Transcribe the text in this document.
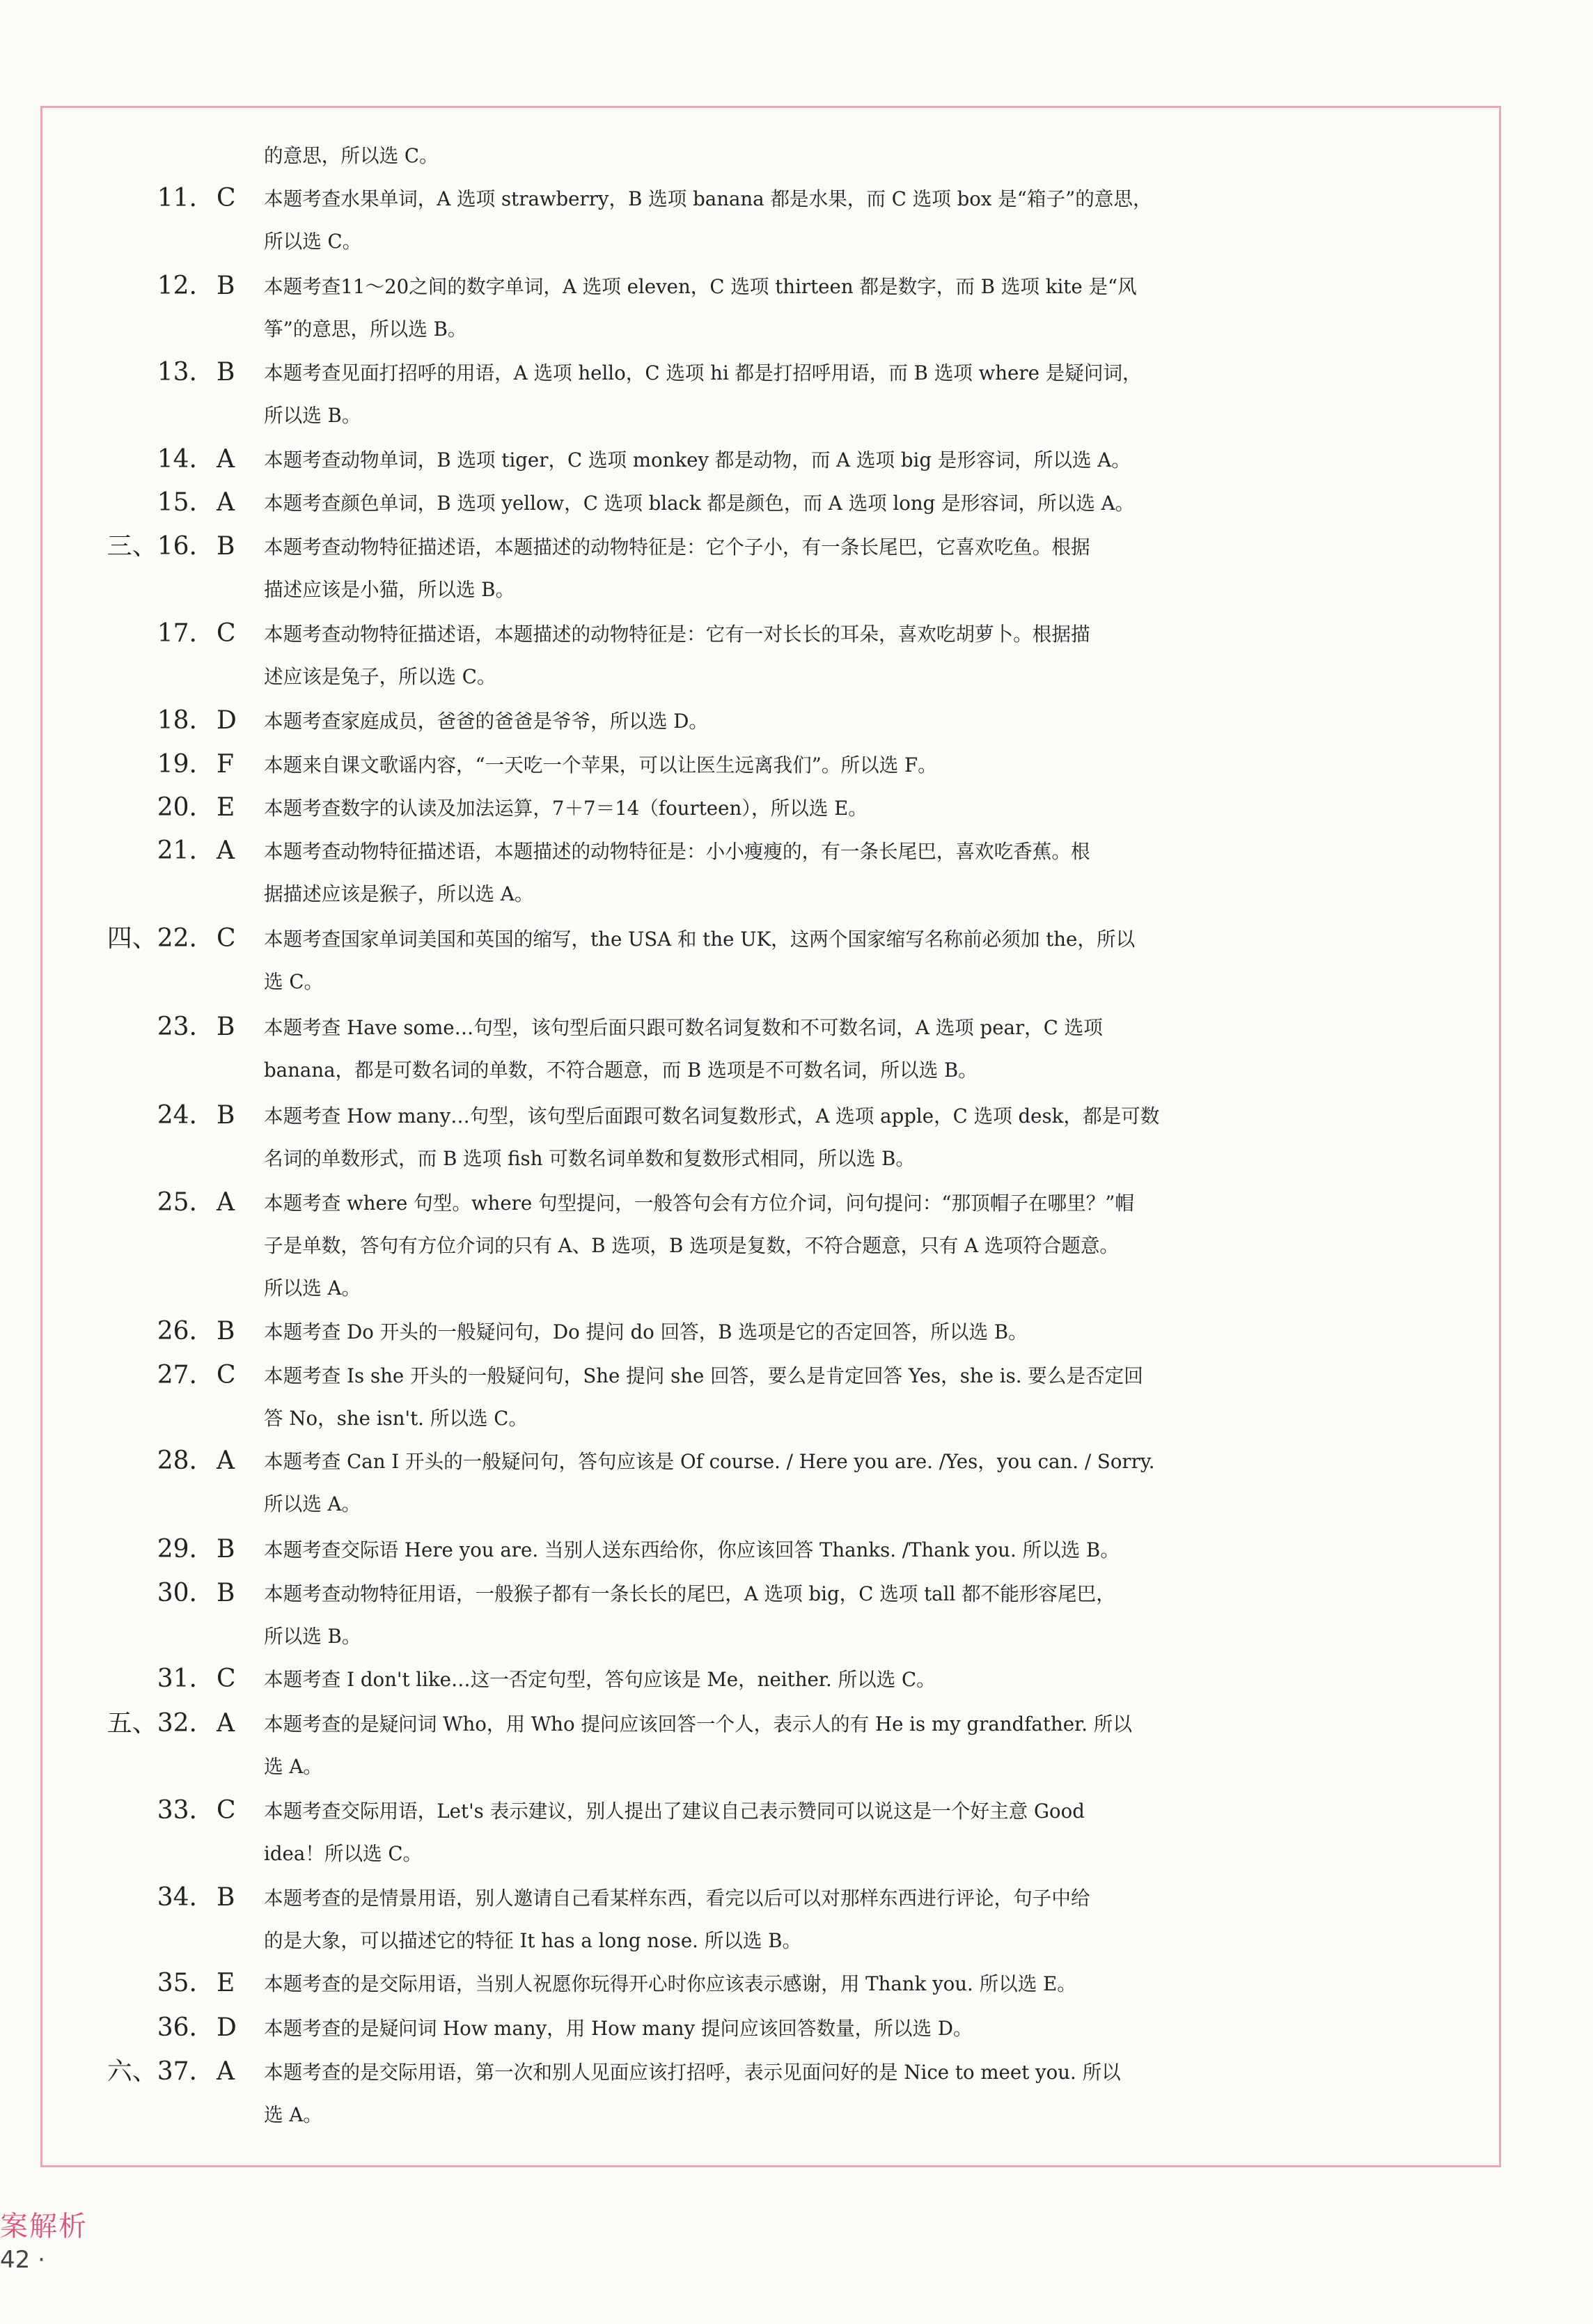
的意思，所以选 C。
11. C	本题考查水果单词，A 选项 strawberry，B 选项 banana 都是水果，而 C 选项 box 是“箱子”的意思，
所以选 C。
12. B	本题考查11～20之间的数字单词，A 选项 eleven，C 选项 thirteen 都是数字，而 B 选项 kite 是“风
筝”的意思，所以选 B。
13. B	本题考查见面打招呼的用语，A 选项 hello，C 选项 hi 都是打招呼用语，而 B 选项 where 是疑问词，
所以选 B。
14. A	本题考查动物单词，B 选项 tiger，C 选项 monkey 都是动物，而 A 选项 big 是形容词，所以选 A。
15. A	本题考查颜色单词，B 选项 yellow，C 选项 black 都是颜色，而 A 选项 long 是形容词，所以选 A。
三、16. B	本题考查动物特征描述语，本题描述的动物特征是：它个子小，有一条长尾巴，它喜欢吃鱼。根据
描述应该是小猫，所以选 B。
17. C	本题考查动物特征描述语，本题描述的动物特征是：它有一对长长的耳朵，喜欢吃胡萝卜。根据描
述应该是兔子，所以选 C。
18. D	本题考查家庭成员，爸爸的爸爸是爷爷，所以选 D。
19. F	本题来自课文歌谣内容，“一天吃一个苹果，可以让医生远离我们”。所以选 F。
20. E	本题考查数字的认读及加法运算，7＋7＝14（fourteen），所以选 E。
21. A	本题考查动物特征描述语，本题描述的动物特征是：小小瘦瘦的，有一条长尾巴，喜欢吃香蕉。根
据描述应该是猴子，所以选 A。
四、22. C	本题考查国家单词美国和英国的缩写，the USA 和 the UK，这两个国家缩写名称前必须加 the，所以
选 C。
23. B	本题考查 Have some…句型，该句型后面只跟可数名词复数和不可数名词，A 选项 pear，C 选项
banana，都是可数名词的单数，不符合题意，而 B 选项是不可数名词，所以选 B。
24. B	本题考查 How many…句型，该句型后面跟可数名词复数形式，A 选项 apple，C 选项 desk，都是可数
名词的单数形式，而 B 选项 fish 可数名词单数和复数形式相同，所以选 B。
25. A	本题考查 where 句型。where 句型提问，一般答句会有方位介词，问句提问：“那顶帽子在哪里？”帽
子是单数，答句有方位介词的只有 A、B 选项，B 选项是复数，不符合题意，只有 A 选项符合题意。
所以选 A。
26. B	本题考查 Do 开头的一般疑问句，Do 提问 do 回答，B 选项是它的否定回答，所以选 B。
27. C	本题考查 Is she 开头的一般疑问句，She 提问 she 回答，要么是肯定回答 Yes，she is. 要么是否定回
答 No，she isn't. 所以选 C。
28. A	本题考查 Can I 开头的一般疑问句，答句应该是 Of course. / Here you are. /Yes，you can. / Sorry.
所以选 A。
29. B	本题考查交际语 Here you are. 当别人送东西给你，你应该回答 Thanks. /Thank you. 所以选 B。
30. B	本题考查动物特征用语，一般猴子都有一条长长的尾巴，A 选项 big，C 选项 tall 都不能形容尾巴，
所以选 B。
31. C	本题考查 I don't like…这一否定句型，答句应该是 Me，neither. 所以选 C。
五、32. A	本题考查的是疑问词 Who，用 Who 提问应该回答一个人，表示人的有 He is my grandfather. 所以
选 A。
33. C	本题考查交际用语，Let's 表示建议，别人提出了建议自己表示赞同可以说这是一个好主意 Good
idea！所以选 C。
34. B	本题考查的是情景用语，别人邀请自己看某样东西，看完以后可以对那样东西进行评论，句子中给
的是大象，可以描述它的特征 It has a long nose. 所以选 B。
35. E	本题考查的是交际用语，当别人祝愿你玩得开心时你应该表示感谢，用 Thank you. 所以选 E。
36. D	本题考查的是疑问词 How many，用 How many 提问应该回答数量，所以选 D。
六、37. A	本题考查的是交际用语，第一次和别人见面应该打招呼，表示见面问好的是 Nice to meet you. 所以
选 A。
案解析
42 ·
